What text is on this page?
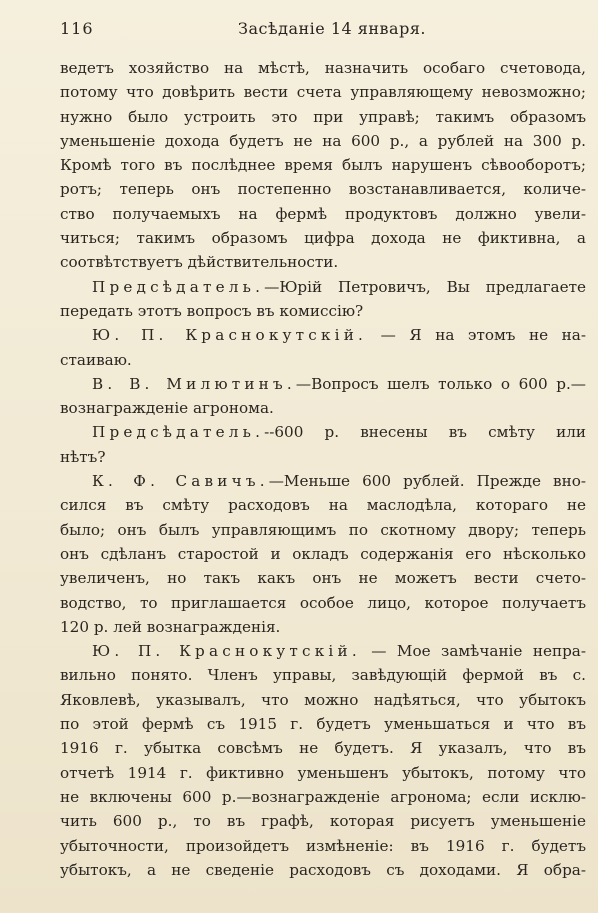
116	Засѣданіе 14 января.
ведетъ хозяйство на мѣстѣ, назначить особаго счетовода,
потому что довѣрить вести счета управляющему невозможно;
нужно было устроить это при управѣ; такимъ образомъ
уменьшеніе дохода будетъ не на 600 р., а рублей на 300 р.
Кромѣ того въ послѣднее время былъ нарушенъ сѣвооборотъ;
ротъ; теперь онъ постепенно возстанавливается, количе-
ство получаемыхъ на фермѣ продуктовъ должно увели-
читься; такимъ образомъ цифра дохода не фиктивна, а
соотвѣтствуетъ дѣйствительности.
Предсѣдатель.—Юрій Петровичъ, Вы предлагаете
передать этотъ вопросъ въ комиссію?
Ю. П. Краснокутскій. — Я на этомъ не на-
стаиваю.
В. В. Милютинъ.—Вопросъ шелъ только о 600 р.—
вознагражденіе агронома.
Предсѣдатель.--600 р. внесены въ смѣту или
нѣтъ?
К. Ф. Савичъ.—Меньше 600 рублей. Прежде вно-
сился въ смѣту расходовъ на маслодѣла, котораго не
было; онъ былъ управляющимъ по скотному двору; теперь
онъ сдѣланъ старостой и окладъ содержанія его нѣсколько
увеличенъ, но такъ какъ онъ не можетъ вести счето-
водство, то приглашается особое лицо, которое получаетъ
120 р. лей вознагражденія.
Ю. П. Краснокутскій. — Мое замѣчаніе непра-
вильно понято. Членъ управы, завѣдующій фермой въ с.
Яковлевѣ, указывалъ, что можно надѣяться, что убытокъ
по этой фермѣ съ 1915 г. будетъ уменьшаться и что въ
1916 г. убытка совсѣмъ не будетъ. Я указалъ, что въ
отчетѣ 1914 г. фиктивно уменьшенъ убытокъ, потому что
не включены 600 р.—вознагражденіе агронома; если исклю-
чить 600 р., то въ графѣ, которая рисуетъ уменьшеніе
убыточности, произойдетъ измѣненіе: въ 1916 г. будетъ
убытокъ, а не сведеніе расходовъ съ доходами. Я обра-
